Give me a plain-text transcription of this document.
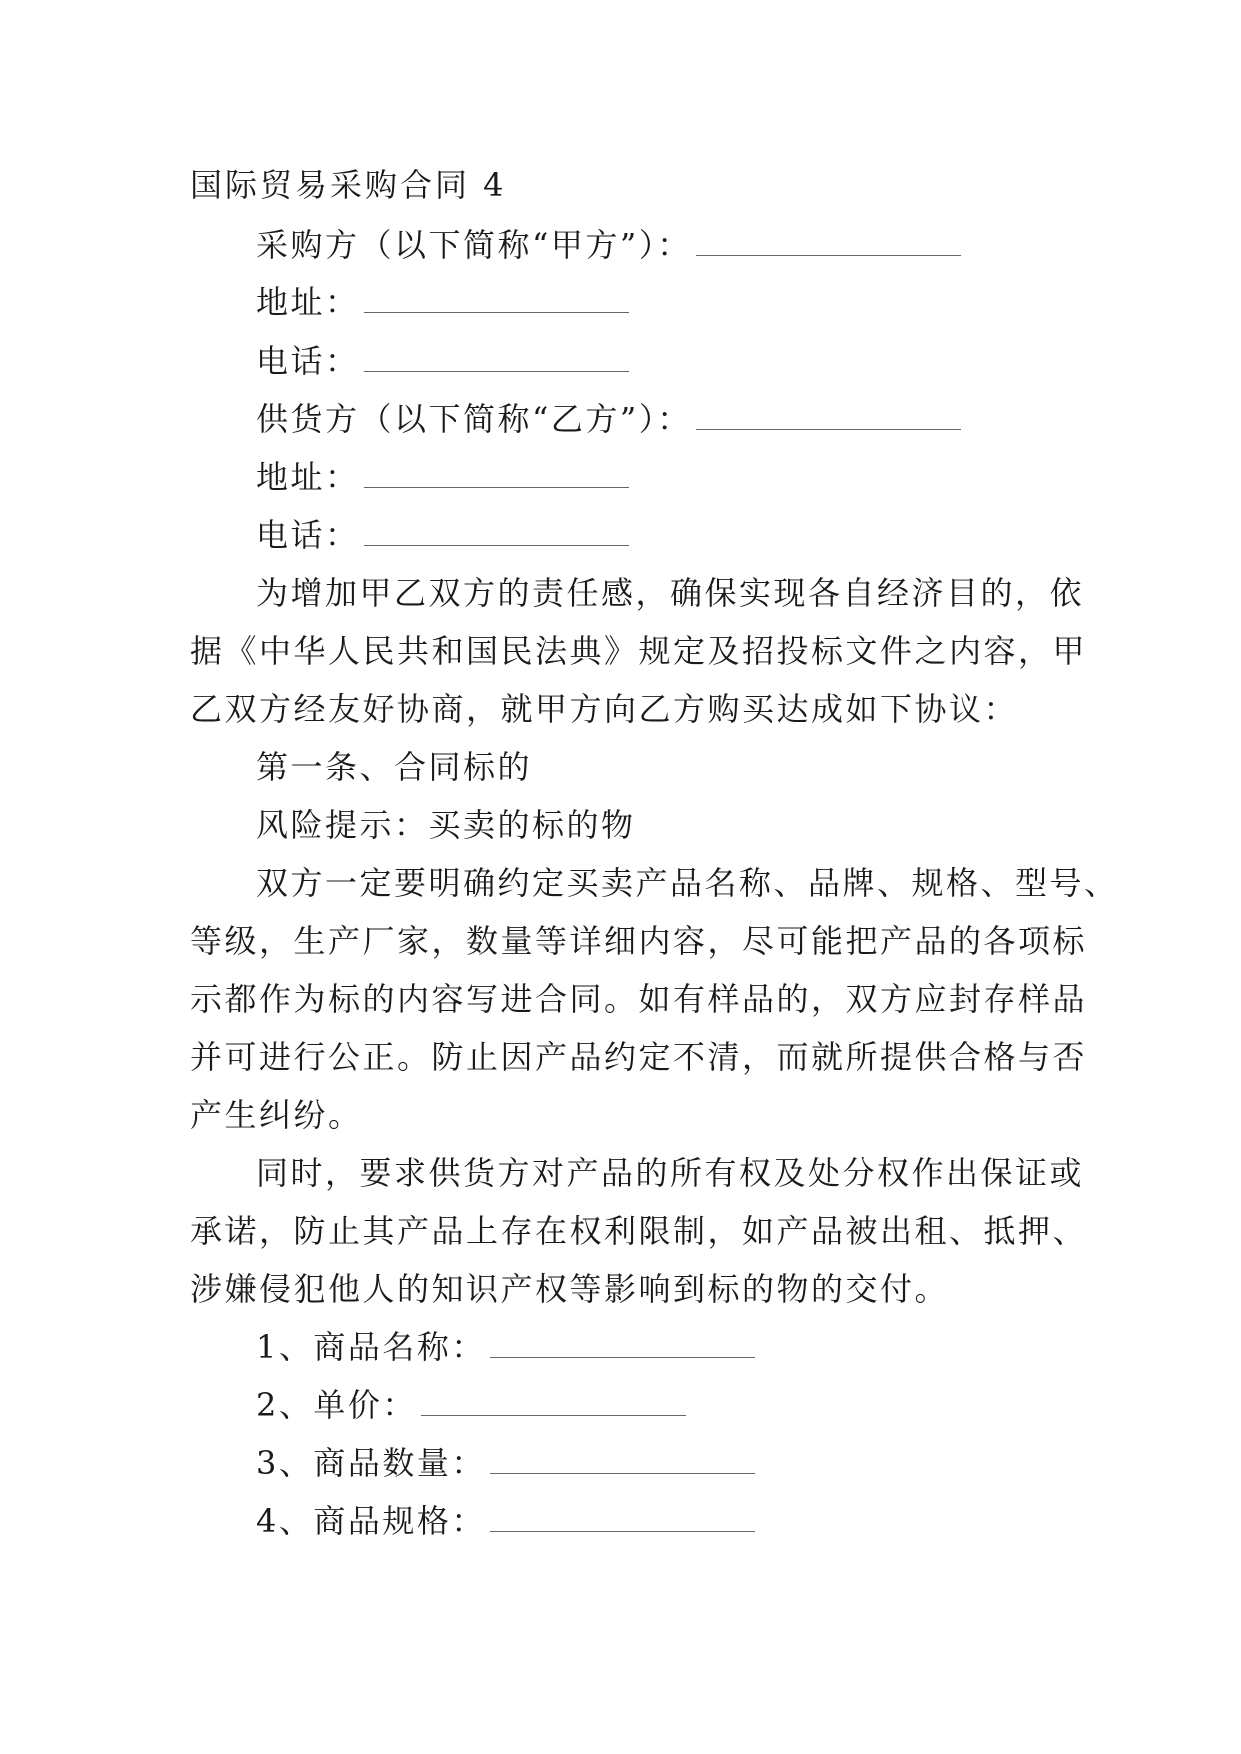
国际贸易采购合同 4
采购方（以下简称“甲方”）：
地址：
电话：
供货方（以下简称“乙方”）：
地址：
电话：
为增加甲乙双方的责任感，确保实现各自经济目的，依
据《中华人民共和国民法典》规定及招投标文件之内容，甲
乙双方经友好协商，就甲方向乙方购买达成如下协议：
第一条、合同标的
风险提示：买卖的标的物
双方一定要明确约定买卖产品名称、品牌、规格、型号、
等级，生产厂家，数量等详细内容，尽可能把产品的各项标
示都作为标的内容写进合同。如有样品的，双方应封存样品
并可进行公正。防止因产品约定不清，而就所提供合格与否
产生纠纷。
同时，要求供货方对产品的所有权及处分权作出保证或
承诺，防止其产品上存在权利限制，如产品被出租、抵押、
涉嫌侵犯他人的知识产权等影响到标的物的交付。
1、商品名称：
2、单价：
3、商品数量：
4、商品规格：
